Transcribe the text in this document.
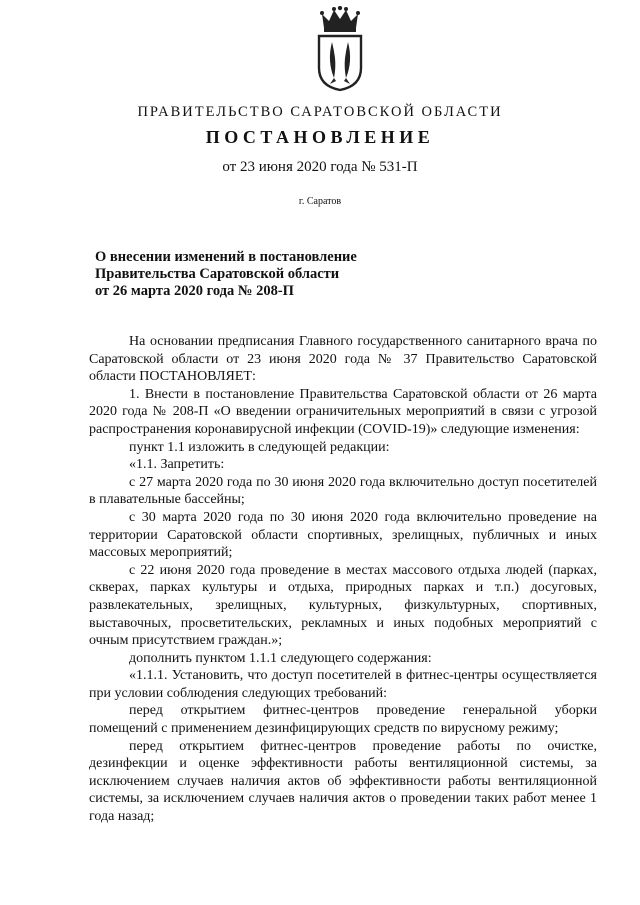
ПРАВИТЕЛЬСТВО САРАТОВСКОЙ ОБЛАСТИ
ПОСТАНОВЛЕНИЕ
от 23 июня 2020 года № 531-П
г. Саратов
О внесении изменений в постановление
Правительства Саратовской области
от 26 марта 2020 года № 208-П

На основании предписания Главного государственного санитарного врача по Саратовской области от 23 июня 2020 года № 37 Правительство Саратовской области ПОСТАНОВЛЯЕТ:

1. Внести в постановление Правительства Саратовской области от 26 марта 2020 года № 208-П «О введении ограничительных мероприятий в связи с угрозой распространения коронавирусной инфекции (COVID-19)» следующие изменения:

пункт 1.1 изложить в следующей редакции:

«1.1. Запретить:

с 27 марта 2020 года по 30 июня 2020 года включительно доступ посетителей в плавательные бассейны;

с 30 марта 2020 года по 30 июня 2020 года включительно проведение на территории Саратовской области спортивных, зрелищных, публичных и иных массовых мероприятий;

с 22 июня 2020 года проведение в местах массового отдыха людей (парках, скверах, парках культуры и отдыха, природных парках и т.п.) досуговых, развлекательных, зрелищных, культурных, физкультурных, спортивных, выставочных, просветительских, рекламных и иных подобных мероприятий с очным присутствием граждан.»;

дополнить пунктом 1.1.1 следующего содержания:

«1.1.1. Установить, что доступ посетителей в фитнес-центры осуществляется при условии соблюдения следующих требований:

перед открытием фитнес-центров проведение генеральной уборки помещений с применением дезинфицирующих средств по вирусному режиму;

перед открытием фитнес-центров проведение работы по очистке, дезинфекции и оценке эффективности работы вентиляционной системы, за исключением случаев наличия актов об эффективности работы вентиляционной системы, за исключением случаев наличия актов о проведении таких работ менее 1 года назад;
